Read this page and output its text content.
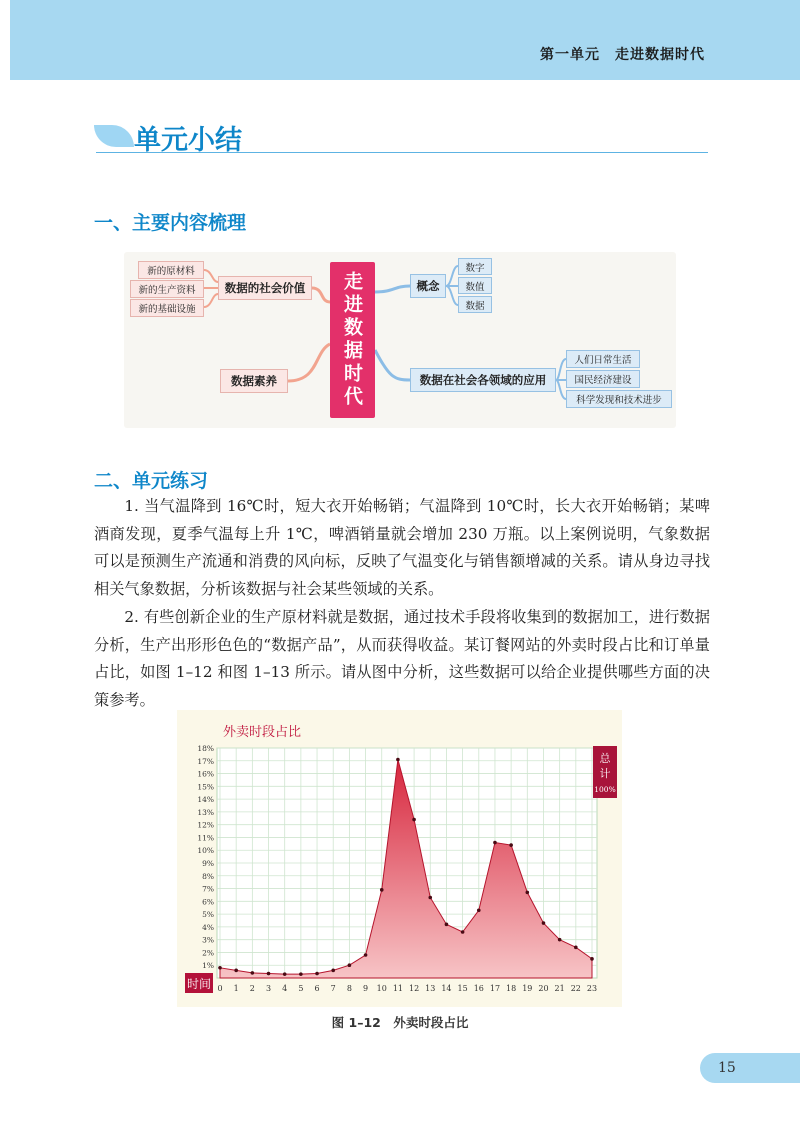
第一单元　走进数据时代
单元小结
一、主要内容梳理
新的原材料
新的生产资料
新的基础设施
数据的社会价值
数据素养	走进数据时代	概念
数字
数值
数据
数据在社会各领域的应用
人们日常生活
国民经济建设
科学发现和技术进步
二、单元练习

1. 当气温降到 16℃时，短大衣开始畅销；气温降到 10℃时，长大衣开始畅销；某啤酒商发现，夏季气温每上升 1℃，啤酒销量就会增加 230 万瓶。以上案例说明，气象数据可以是预测生产流通和消费的风向标，反映了气温变化与销售额增减的关系。请从身边寻找相关气象数据，分析该数据与社会某些领域的关系。

2. 有些创新企业的生产原材料就是数据，通过技术手段将收集到的数据加工，进行数据分析，生产出形形色色的“数据产品”，从而获得收益。某订餐网站的外卖时段占比和订单量占比，如图 1–12 和图 1–13 所示。请从图中分析，这些数据可以给企业提供哪些方面的决策参考。

1%
2%
3%
4%
5%
6%
7%
8%
9%
10%
11%
12%
13%
14%
15%
16%
17%
18%
0 1 2 3 4 5 6 7 8 9 10 11 12 13 14 15 16 17 18 19 20 21 22 23
外卖时段占比
时间
总
计
100%
图 1–12　外卖时段占比
15
